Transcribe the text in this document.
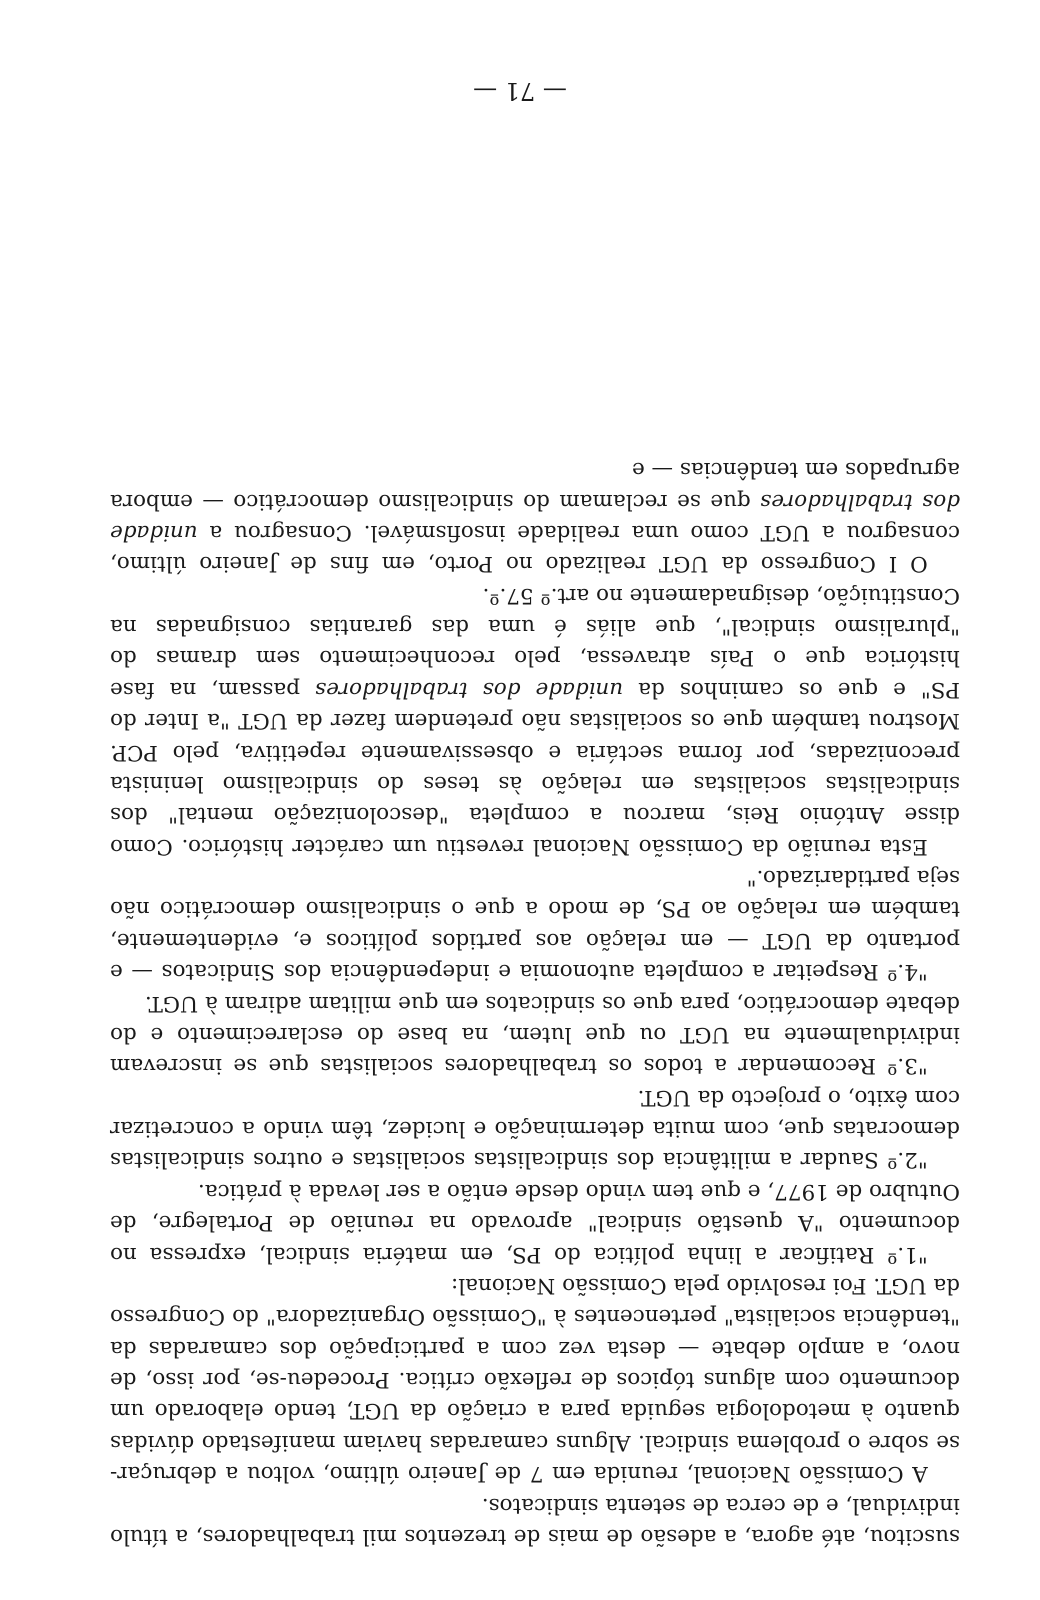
suscitou, até agora, a adesão de mais de trezentos mil trabalhadores, a título individual, e de cerca de setenta sindicatos.

A Comissão Nacional, reunida em 7 de Janeiro último, voltou a debruçar-se sobre o problema sindical. Alguns camaradas haviam manifestado dúvidas quanto à metodologia seguida para a criação da UGT, tendo elaborado um documento com alguns tópicos de reflexão crítica. Procedeu-se, por isso, de novo, a amplo debate — desta vez com a participação dos camaradas da "tendência socialista" pertencentes à "Comissão Organizadora" do Congresso da UGT. Foi resolvido pela Comissão Nacional:

"1.º Ratificar a linha política do PS, em matéria sindical, expressa no documento "A questão sindical" aprovado na reunião de Portalegre, de Outubro de 1977, e que tem vindo desde então a ser levada à prática.

"2.º Saudar a militância dos sindicalistas socialistas e outros sindicalistas democratas que, com muita determinação e lucidez, têm vindo a concretizar com êxito, o projecto da UGT.

"3.º Recomendar a todos os trabalhadores socialistas que se inscrevam individualmente na UGT ou que lutem, na base do esclarecimento e do debate democrático, para que os sindicatos em que militam adiram à UGT.

"4.º Respeitar a completa autonomia e independência dos Sindicatos — e portanto da UGT — em relação aos partidos políticos e, evidentemente, também em relação ao PS, de modo a que o sindicalismo democrático não seja partidarizado."

Esta reunião da Comissão Nacional revestiu um carácter histórico. Como disse António Reis, marcou a completa "descolonização mental" dos sindicalistas socialistas em relação às teses do sindicalismo leninista preconizadas, por forma sectária e obsessivamente repetitiva, pelo PCP. Mostrou também que os socialistas não pretendem fazer da UGT "a Inter do PS" e que os caminhos da unidade dos trabalhadores passam, na fase histórica que o País atravessa, pelo reconhecimento sem dramas do "pluralismo sindical", que aliás é uma das garantias consignadas na Constituição, designadamente no art.º 57.º.

O I Congresso da UGT realizado no Porto, em fins de Janeiro último, consagrou a UGT como uma realidade insofismável. Consagrou a unidade dos trabalhadores que se reclamam do sindicalismo democrático — embora agrupados em tendências — e

— 71 —
